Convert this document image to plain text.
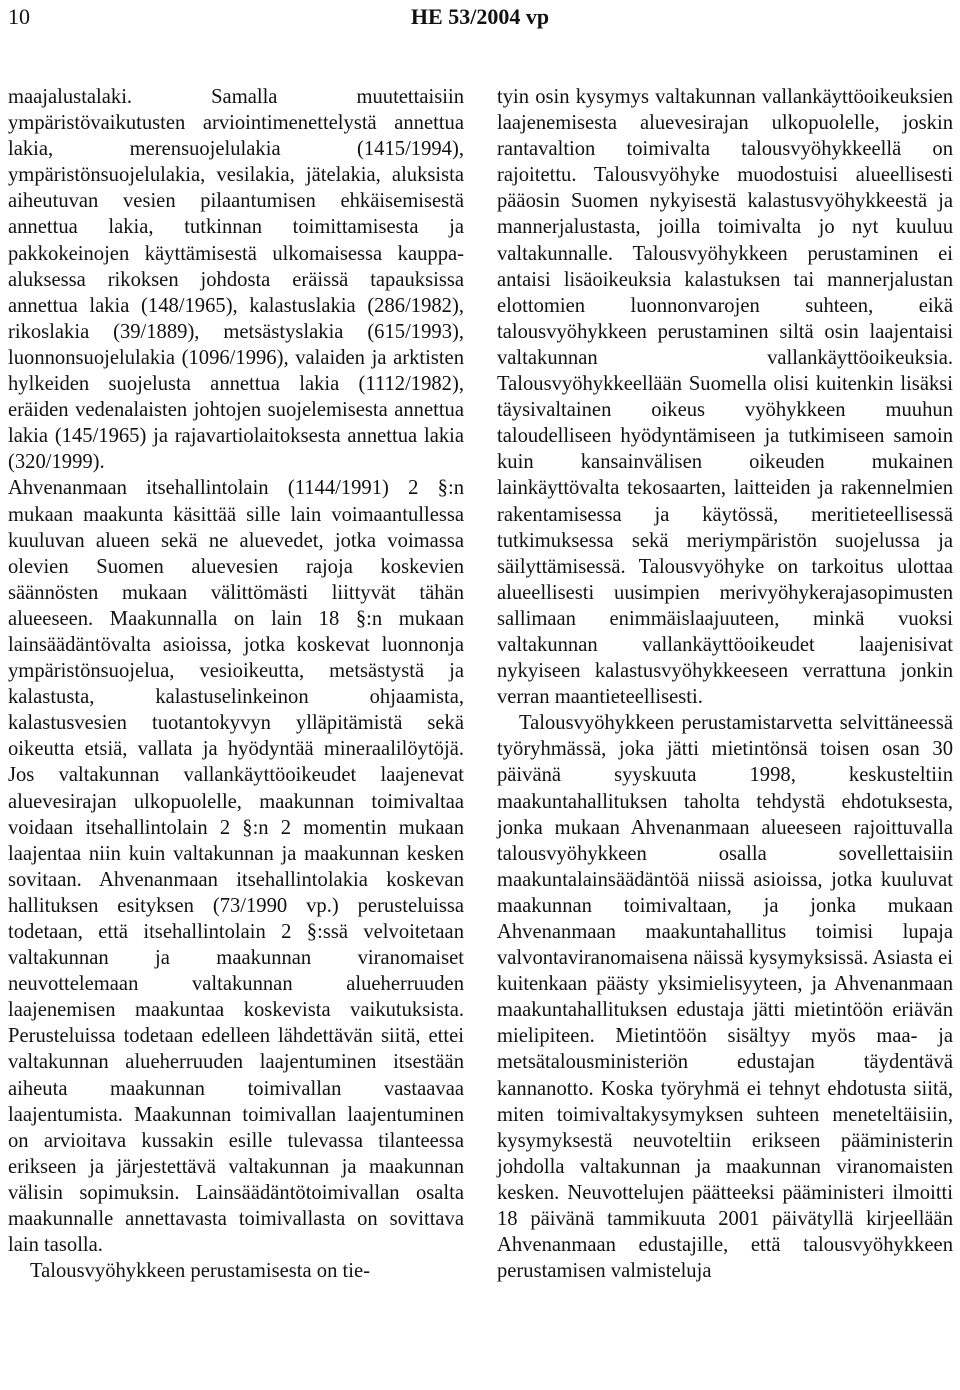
10	HE 53/2004 vp

maajalustalaki. Samalla muutettaisiin ympäristövaikutusten arviointimenettelystä annettua lakia, merensuojelulakia (1415/1994), ympäristönsuojelulakia, vesilakia, jätelakia, aluksista aiheutuvan vesien pilaantumisen ehkäisemisestä annettua lakia, tutkinnan toimittamisesta ja pakkokeinojen käyttämisestä ulkomaisessa kauppa-aluksessa rikoksen johdosta eräissä tapauksissa annettua lakia (148/1965), kalastuslakia (286/1982), rikoslakia (39/1889), metsästyslakia (615/1993), luonnonsuojelulakia (1096/1996), valaiden ja arktisten hylkeiden suojelusta annettua lakia (1112/1982), eräiden vedenalaisten johtojen suojelemisesta annettua lakia (145/1965) ja rajavartiolaitoksesta annettua lakia (320/1999).

Ahvenanmaan itsehallintolain (1144/1991) 2 §:n mukaan maakunta käsittää sille lain voimaantullessa kuuluvan alueen sekä ne aluevedet, jotka voimassa olevien Suomen aluevesien rajoja koskevien säännösten mukaan välittömästi liittyvät tähän alueeseen. Maakunnalla on lain 18 §:n mukaan lainsäädäntövalta asioissa, jotka koskevat luonnonja ympäristönsuojelua, vesioikeutta, metsästystä ja kalastusta, kalastuselinkeinon ohjaamista, kalastusvesien tuotantokyvyn ylläpitämistä sekä oikeutta etsiä, vallata ja hyödyntää mineraalilöytöjä. Jos valtakunnan vallankäyttöoikeudet laajenevat aluevesirajan ulkopuolelle, maakunnan toimivaltaa voidaan itsehallintolain 2 §:n 2 momentin mukaan laajentaa niin kuin valtakunnan ja maakunnan kesken sovitaan. Ahvenanmaan itsehallintolakia koskevan hallituksen esityksen (73/1990 vp.) perusteluissa todetaan, että itsehallintolain 2 §:ssä velvoitetaan valtakunnan ja maakunnan viranomaiset neuvottelemaan valtakunnan alueherruuden laajenemisen maakuntaa koskevista vaikutuksista. Perusteluissa todetaan edelleen lähdettävän siitä, ettei valtakunnan alueherruuden laajentuminen itsestään aiheuta maakunnan toimivallan vastaavaa laajentumista. Maakunnan toimivallan laajentuminen on arvioitava kussakin esille tulevassa tilanteessa erikseen ja järjestettävä valtakunnan ja maakunnan välisin sopimuksin. Lainsäädäntötoimivallan osalta maakunnalle annettavasta toimivallasta on sovittava lain tasolla.

Talousvyöhykkeen perustamisesta on tie-

tyin osin kysymys valtakunnan vallankäyttöoikeuksien laajenemisesta aluevesirajan ulkopuolelle, joskin rantavaltion toimivalta talousvyöhykkeellä on rajoitettu. Talousvyöhyke muodostuisi alueellisesti pääosin Suomen nykyisestä kalastusvyöhykkeestä ja mannerjalustasta, joilla toimivalta jo nyt kuuluu valtakunnalle. Talousvyöhykkeen perustaminen ei antaisi lisäoikeuksia kalastuksen tai mannerjalustan elottomien luonnonvarojen suhteen, eikä talousvyöhykkeen perustaminen siltä osin laajentaisi valtakunnan vallankäyttöoikeuksia. Talousvyöhykkeellään Suomella olisi kuitenkin lisäksi täysivaltainen oikeus vyöhykkeen muuhun taloudelliseen hyödyntämiseen ja tutkimiseen samoin kuin kansainvälisen oikeuden mukainen lainkäyttövalta tekosaarten, laitteiden ja rakennelmien rakentamisessa ja käytössä, meritieteellisessä tutkimuksessa sekä meriympäristön suojelussa ja säilyttämisessä. Talousvyöhyke on tarkoitus ulottaa alueellisesti uusimpien merivyöhykerajasopimusten sallimaan enimmäislaajuuteen, minkä vuoksi valtakunnan vallankäyttöoikeudet laajenisivat nykyiseen kalastusvyöhykkeeseen verrattuna jonkin verran maantieteellisesti.

Talousvyöhykkeen perustamistarvetta selvittäneessä työryhmässä, joka jätti mietintönsä toisen osan 30 päivänä syyskuuta 1998, keskusteltiin maakuntahallituksen taholta tehdystä ehdotuksesta, jonka mukaan Ahvenanmaan alueeseen rajoittuvalla talousvyöhykkeen osalla sovellettaisiin maakuntalainsäädäntöä niissä asioissa, jotka kuuluvat maakunnan toimivaltaan, ja jonka mukaan Ahvenanmaan maakuntahallitus toimisi lupaja valvontaviranomaisena näissä kysymyksissä. Asiasta ei kuitenkaan päästy yksimielisyyteen, ja Ahvenanmaan maakuntahallituksen edustaja jätti mietintöön eriävän mielipiteen. Mietintöön sisältyy myös maa- ja metsätalousministeriön edustajan täydentävä kannanotto. Koska työryhmä ei tehnyt ehdotusta siitä, miten toimivaltakysymyksen suhteen meneteltäisiin, kysymyksestä neuvoteltiin erikseen pääministerin johdolla valtakunnan ja maakunnan viranomaisten kesken. Neuvottelujen päätteeksi pääministeri ilmoitti 18 päivänä tammikuuta 2001 päivätyllä kirjeellään Ahvenanmaan edustajille, että talousvyöhykkeen perustamisen valmisteluja
